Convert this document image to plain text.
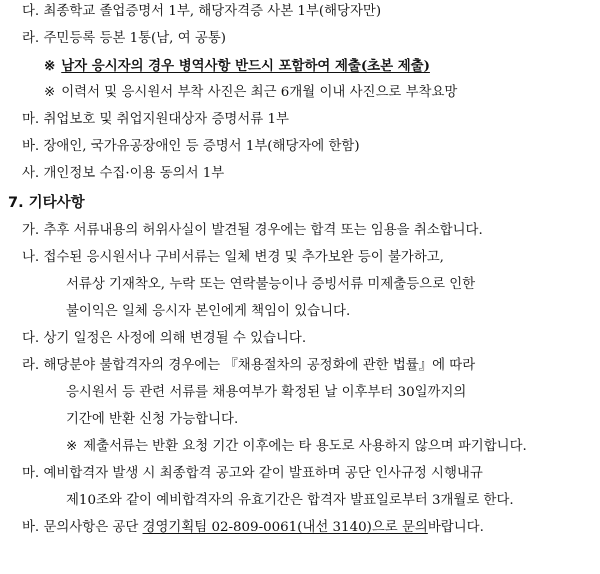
다. 최종학교 졸업증명서 1부, 해당자격증 사본 1부(해당자만)
라. 주민등록 등본 1통(남, 여 공통)
※ 남자 응시자의 경우 병역사항 반드시 포함하여 제출(초본 제출)
※ 이력서 및 응시원서 부착 사진은 최근 6개월 이내 사진으로 부착요망
마. 취업보호 및 취업지원대상자 증명서류 1부
바. 장애인, 국가유공장애인 등 증명서 1부(해당자에 한함)
사. 개인정보 수집·이용 동의서 1부
7. 기타사항
가. 추후 서류내용의 허위사실이 발견될 경우에는 합격 또는 임용을 취소합니다.
나. 접수된 응시원서나 구비서류는 일체 변경 및 추가보완 등이 불가하고,
서류상 기재착오, 누락 또는 연락불능이나 증빙서류 미제출등으로 인한
불이익은 일체 응시자 본인에게 책임이 있습니다.
다. 상기 일정은 사정에 의해 변경될 수 있습니다.
라. 해당분야 불합격자의 경우에는 『채용절차의 공정화에 관한 법률』에 따라
응시원서 등 관련 서류를 채용여부가 확정된 날 이후부터 30일까지의
기간에 반환 신청 가능합니다.
※ 제출서류는 반환 요청 기간 이후에는 타 용도로 사용하지 않으며 파기합니다.
마. 예비합격자 발생 시 최종합격 공고와 같이 발표하며 공단 인사규정 시행내규
제10조와 같이 예비합격자의 유효기간은 합격자 발표일로부터 3개월로 한다.
바. 문의사항은 공단 경영기획팀 02-809-0061(내선 3140)으로 문의바랍니다.
